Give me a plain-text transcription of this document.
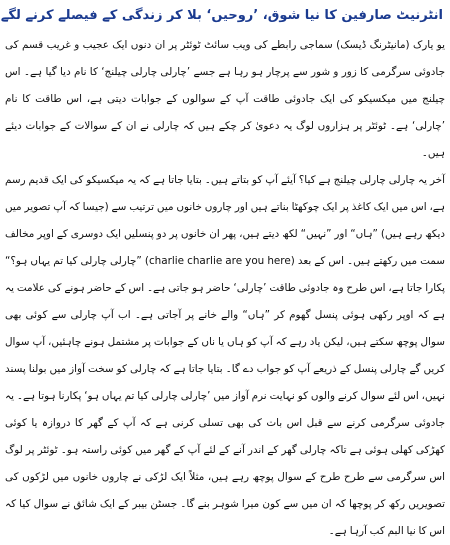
انٹرنیٹ صارفین کا نیا شوق، ’روحیں‘ بلا کر زندگی کے فیصلے کرنے لگے

یو یارک (مانیٹرنگ ڈیسک) سماجی رابطے کی ویب سائٹ ٹوئٹر پر ان دنوں ایک عجیب و غریب قسم کی جادوئی سرگرمی کا زور و شور سے پرچار ہو رہا ہے جسے ’چارلی چارلی چیلنج‘ کا نام دیا گیا ہے۔ اس چیلنج میں میکسیکو کی ایک جادوئی طاقت آپ کے سوالوں کے جوابات دیتی ہے، اس طاقت کا نام ’چارلی‘ ہے۔ ٹوئٹر پر ہزاروں لوگ یہ دعویٰ کر چکے ہیں کہ چارلی نے ان کے سوالات کے جوابات دیئے ہیں۔

آخر یہ چارلی چارلی چیلنج ہے کیا؟ آیئے آپ کو بتاتے ہیں۔ بتایا جاتا ہے کہ یہ میکسیکو کی ایک قدیم رسم ہے، اس میں ایک کاغذ پر ایک چوکھٹا بناتے ہیں اور چاروں خانوں میں ترتیب سے (جیسا کہ آپ تصویر میں دیکھ رہے ہیں) ”ہاں“ اور ”نہیں“ لکھ دیتے ہیں، پھر ان خانوں پر دو پنسلیں ایک دوسری کے اوپر مخالف سمت میں رکھتے ہیں۔ اس کے بعد (charlie charlie are you here) ”چارلی چارلی کیا تم یہاں ہو؟“ پکارا جاتا ہے، اس طرح وہ جادوئی طاقت ’چارلی‘ حاضر ہو جاتی ہے۔ اس کے حاضر ہونے کی علامت یہ ہے کہ اوپر رکھی ہوئی پنسل گھوم کر ”ہاں“ والے خانے پر آجاتی ہے۔ اب آپ چارلی سے کوئی بھی سوال پوچھ سکتے ہیں، لیکن یاد رہے کہ آپ کو ہاں یا ناں کے جوابات پر مشتمل ہونے چاہئیں، آپ سوال کریں گے چارلی پنسل کے ذریعے آپ کو جواب دے گا۔ بتایا جاتا ہے کہ چارلی کو سخت آواز میں بولنا پسند نہیں، اس لئے سوال کرنے والوں کو نہایت نرم آواز میں ’چارلی چارلی کیا تم یہاں ہو‘ پکارنا ہوتا ہے۔ یہ جادوئی سرگرمی کرنے سے قبل اس بات کی بھی تسلی کرنی ہے کہ آپ کے گھر کا دروازہ یا کوئی کھڑکی کھلی ہوئی ہے تاکہ چارلی گھر کے اندر آنے کے لئے آپ کے گھر میں کوئی راستہ ہو۔ ٹوئٹر پر لوگ اس سرگرمی سے طرح طرح کے سوال پوچھ رہے ہیں، مثلاً ایک لڑکی نے چاروں خانوں میں لڑکوں کی تصویریں رکھ کر پوچھا کہ ان میں سے کون میرا شوہر بنے گا۔ جسٹن بیبر کے ایک شائق نے سوال کیا کہ اس کا نیا البم کب آرہا ہے۔
